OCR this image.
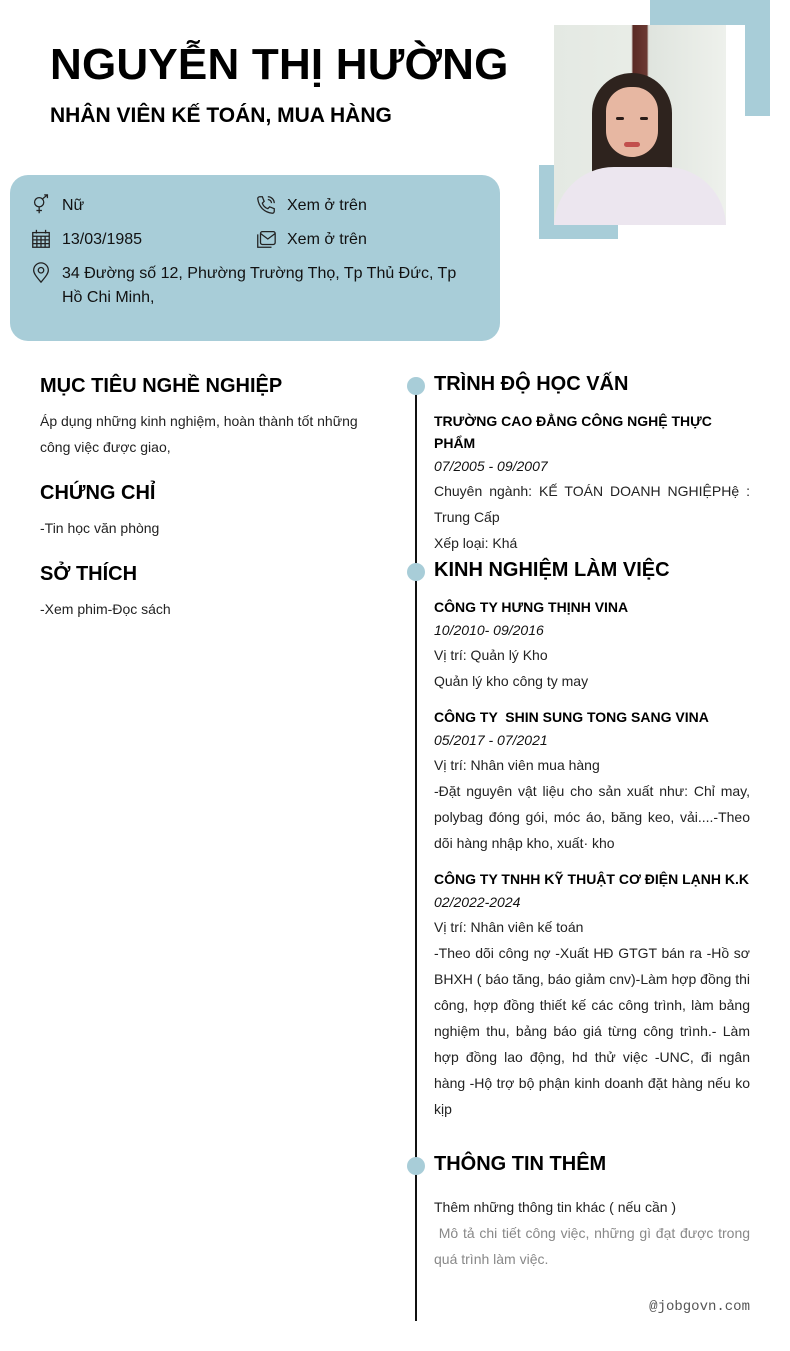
NGUYỄN THỊ HƯỜNG
NHÂN VIÊN KẾ TOÁN, MUA HÀNG
Nữ
13/03/1985
34 Đường số 12, Phường Trường Thọ, Tp Thủ Đức, Tp Hồ Chi Minh,
Xem ở trên
Xem ở trên
MỤC TIÊU NGHỀ NGHIỆP
Áp dụng những kinh nghiệm, hoàn thành tốt những công việc được giao,
CHỨNG CHỈ
-Tin học văn phòng
SỞ THÍCH
-Xem phim-Đọc sách
TRÌNH ĐỘ HỌC VẤN
TRƯỜNG CAO ĐẲNG CÔNG NGHỆ THỰC PHẨM
07/2005 - 09/2007
Chuyên ngành: KẾ TOÁN DOANH NGHIỆPHệ : Trung Cấp
Xếp loại: Khá
KINH NGHIỆM LÀM VIỆC
CÔNG TY HƯNG THỊNH VINA
10/2010- 09/2016
Vị trí: Quản lý Kho
Quản lý kho công ty may
CÔNG TY  SHIN SUNG TONG SANG VINA
05/2017 - 07/2021
Vị trí: Nhân viên mua hàng
-Đặt nguyên vật liệu cho sản xuất như: Chỉ may, polybag đóng gói, móc áo, băng keo, vải....-Theo dõi hàng nhập kho, xuất· kho
CÔNG TY TNHH KỸ THUẬT CƠ ĐIỆN LẠNH K.K
02/2022-2024
Vị trí: Nhân viên kế toán
-Theo dõi công nợ -Xuất HĐ GTGT bán ra -Hồ sơ BHXH ( báo tăng, báo giảm cnv)-Làm hợp đồng thi công, hợp đồng thiết kế các công trình, làm bảng nghiệm thu, bảng báo giá từng công trình.- Làm hợp đồng lao động, hd thử việc -UNC, đi ngân hàng -Hộ trợ bộ phận kinh doanh đặt hàng nếu ko kịp
THÔNG TIN THÊM
Thêm những thông tin khác ( nếu cần )
Mô tả chi tiết công việc, những gì đạt được trong quá trình làm việc.
@jobgovn.com
